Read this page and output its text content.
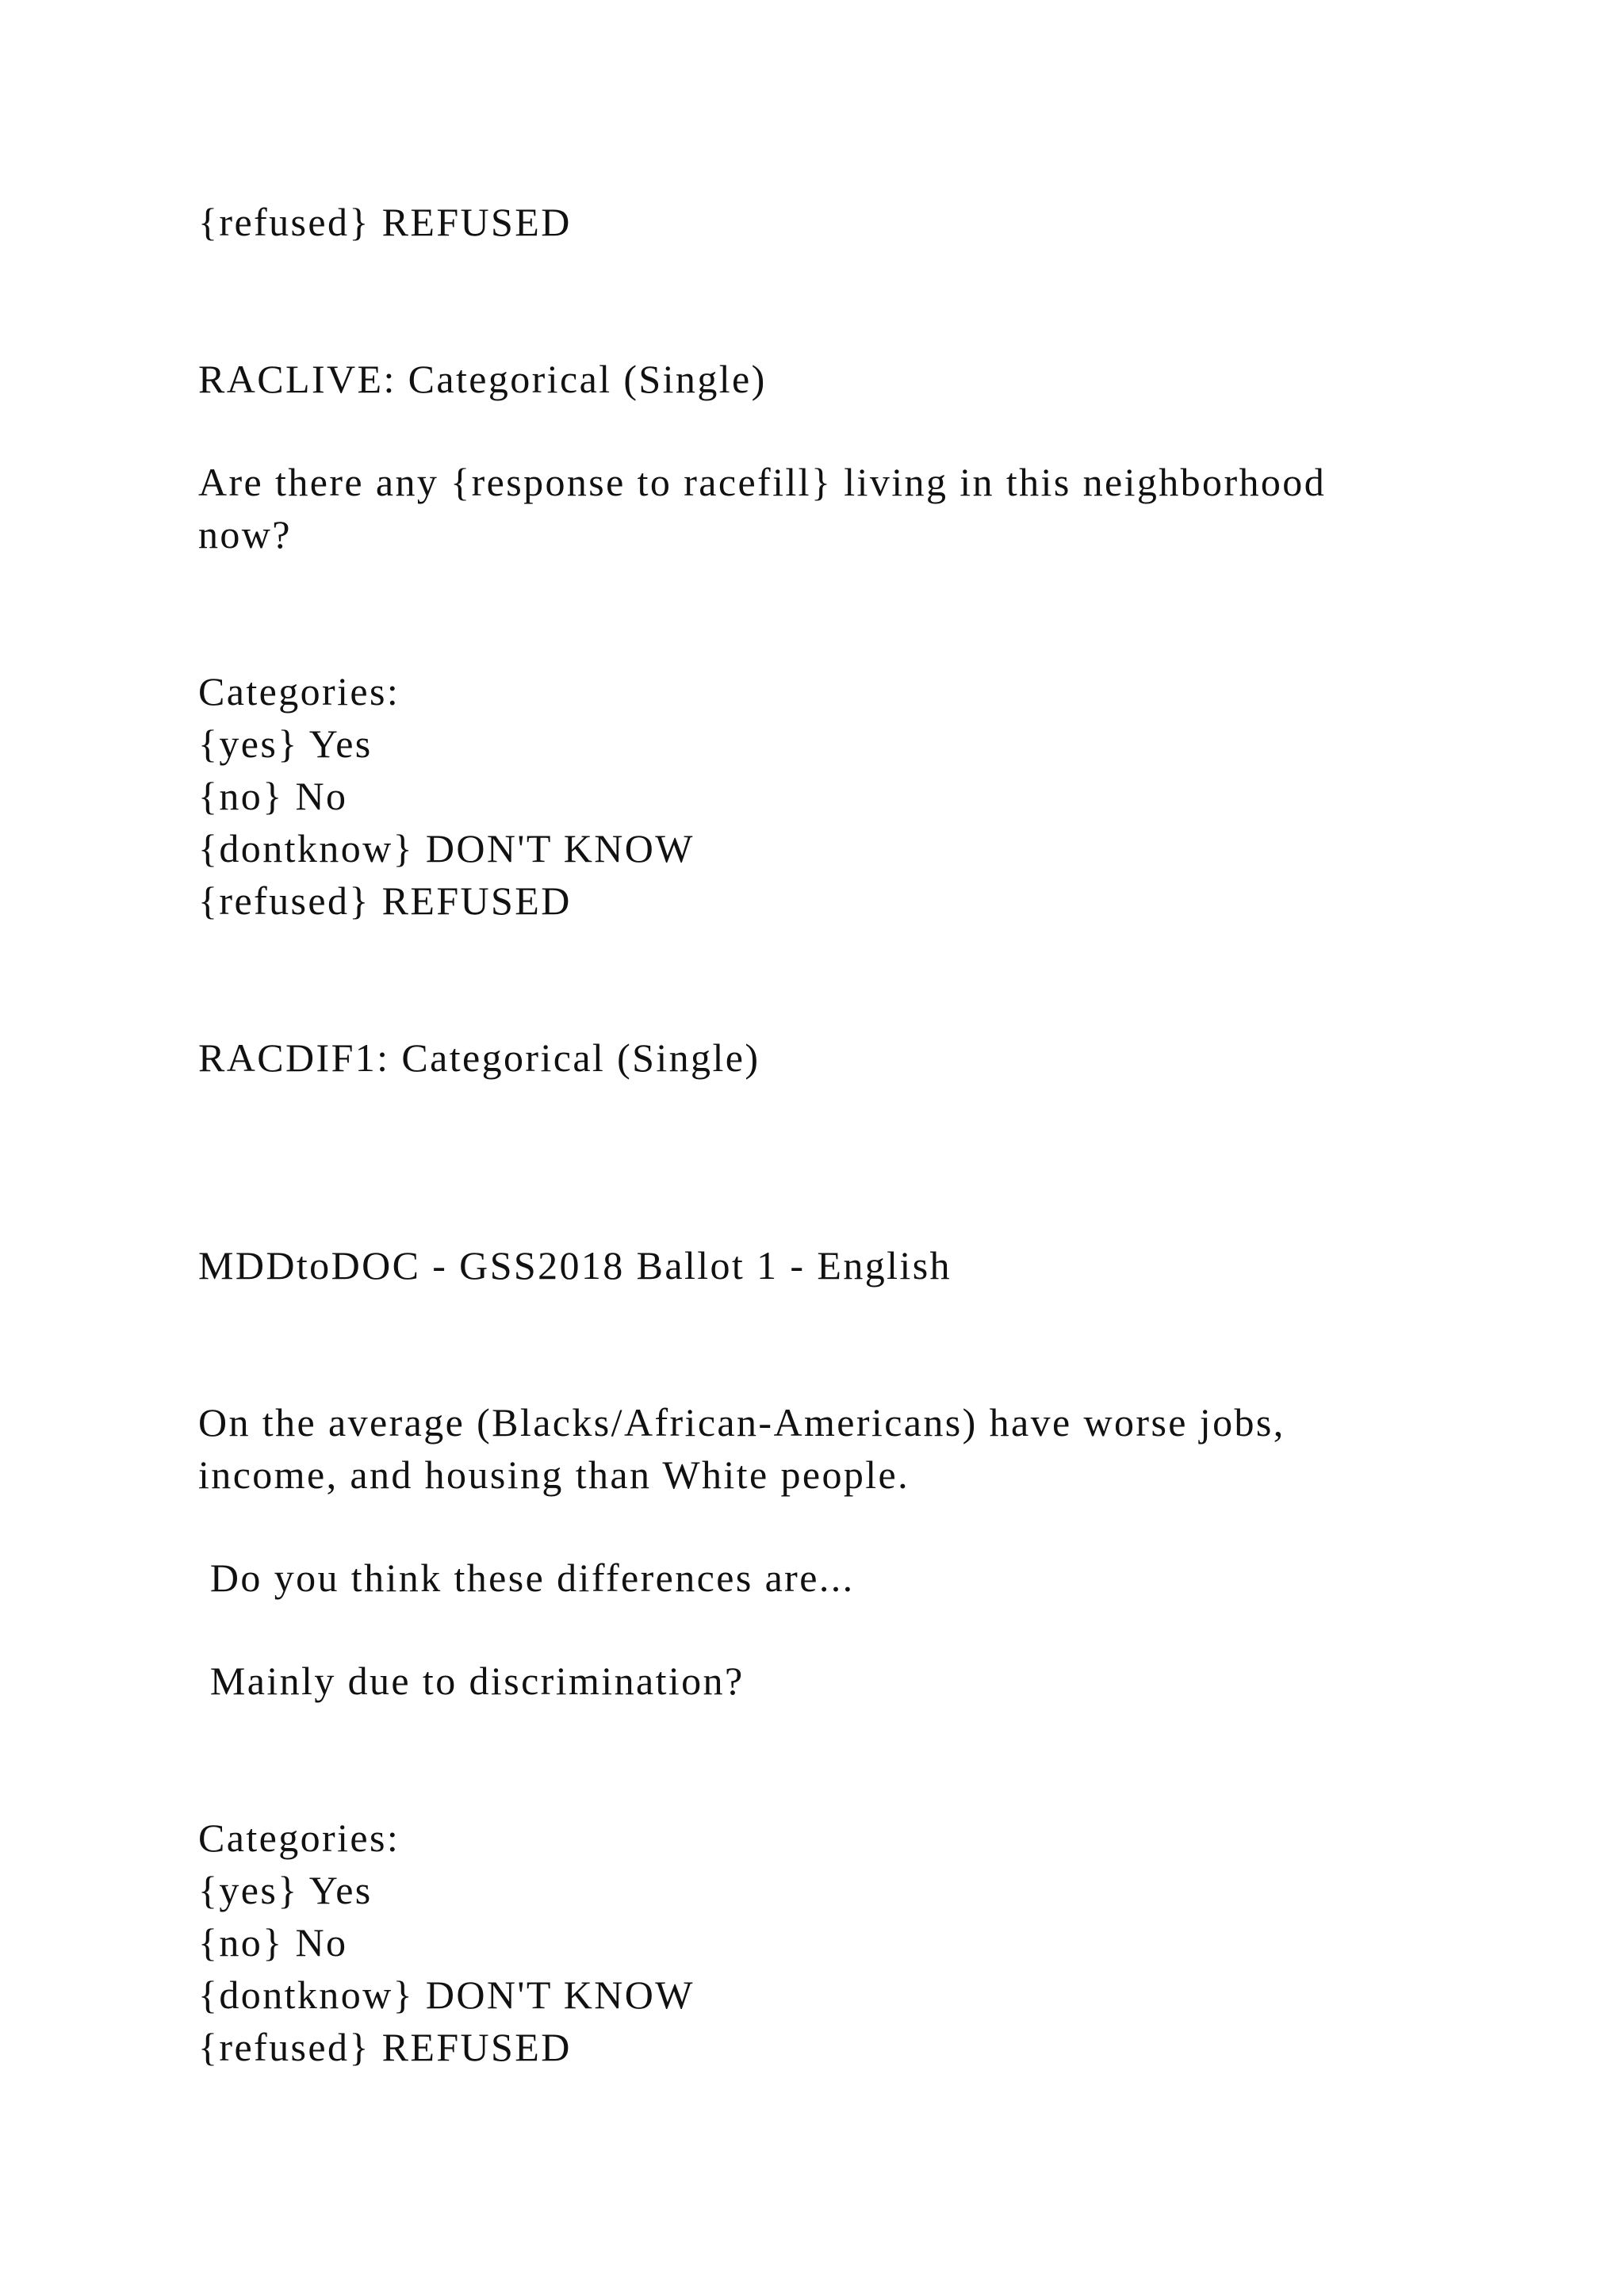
{refused} REFUSED

RACLIVE: Categorical (Single)

Are there any {response to racefill} living in this neighborhood

now?

Categories:

{yes} Yes

{no} No

{dontknow} DON'T KNOW

{refused} REFUSED

RACDIF1: Categorical (Single)

MDDtoDOC - GSS2018 Ballot 1 - English

On the average (Blacks/African-Americans) have worse jobs,

income, and housing than White people.

Do you think these differences are...

Mainly due to discrimination?

Categories:

{yes} Yes

{no} No

{dontknow} DON'T KNOW

{refused} REFUSED
